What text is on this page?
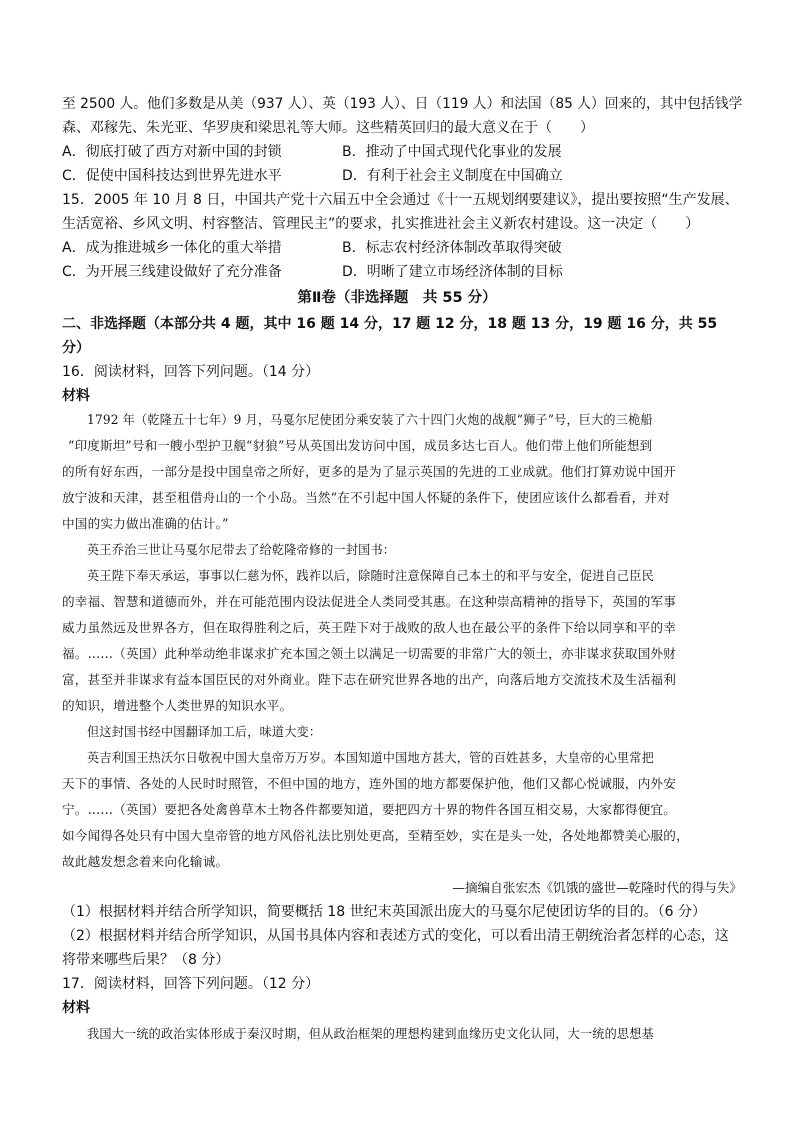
至 2500 人。他们多数是从美（937 人）、英（193 人）、日（119 人）和法国（85 人）回来的，其中包括钱学
森、邓稼先、朱光亚、华罗庚和梁思礼等大师。这些精英回归的最大意义在于（　　）
A．彻底打破了西方对新中国的封锁	B．推动了中国式现代化事业的发展
C．促使中国科技达到世界先进水平	D．有利于社会主义制度在中国确立
15．2005 年 10 月 8 日，中国共产党十六届五中全会通过《十一五规划纲要建议》，提出要按照“生产发展、
生活宽裕、乡风文明、村容整洁、管理民主”的要求，扎实推进社会主义新农村建设。这一决定（　　）
A．成为推进城乡一体化的重大举措	B．标志农村经济体制改革取得突破
C．为开展三线建设做好了充分准备	D．明晰了建立市场经济体制的目标
第Ⅱ卷（非选择题　共 55 分）
二、非选择题（本部分共 4 题，其中 16 题 14 分，17 题 12 分，18 题 13 分，19 题 16 分，共 55
分）
16．阅读材料，回答下列问题。（14 分）
材料
1792 年（乾隆五十七年）9 月，马戛尔尼使团分乘安装了六十四门火炮的战舰“狮子”号，巨大的三桅船
“印度斯坦”号和一艘小型护卫舰“豺狼”号从英国出发访问中国，成员多达七百人。他们带上他们所能想到
的所有好东西，一部分是投中国皇帝之所好，更多的是为了显示英国的先进的工业成就。他们打算劝说中国开
放宁波和天津，甚至租借舟山的一个小岛。当然“在不引起中国人怀疑的条件下，使团应该什么都看看，并对
中国的实力做出准确的估计。”
英王乔治三世让马戛尔尼带去了给乾隆帝修的一封国书：
英王陛下奉天承运，事事以仁慈为怀，践祚以后，除随时注意保障自己本土的和平与安全，促进自己臣民
的幸福、智慧和道德而外，并在可能范围内设法促进全人类同受其惠。在这种崇高精神的指导下，英国的军事
威力虽然远及世界各方，但在取得胜利之后，英王陛下对于战败的敌人也在最公平的条件下给以同享和平的幸
福。……（英国）此种举动绝非谋求扩充本国之领土以满足一切需要的非常广大的领土，亦非谋求获取国外财
富，甚至并非谋求有益本国臣民的对外商业。陛下志在研究世界各地的出产，向落后地方交流技术及生活福利
的知识，增进整个人类世界的知识水平。
但这封国书经中国翻译加工后，味道大变：
英吉利国王热沃尔日敬祝中国大皇帝万万岁。本国知道中国地方甚大，管的百姓甚多，大皇帝的心里常把
天下的事情、各处的人民时时照管，不但中国的地方，连外国的地方都要保护他，他们又都心悦诚服，内外安
宁。……（英国）要把各处禽兽草木土物各件都要知道，要把四方十界的物件各国互相交易，大家都得便宜。
如今闻得各处只有中国大皇帝管的地方风俗礼法比别处更高，至精至妙，实在是头一处，各处地都赞美心服的，
故此越发想念着来向化输诚。
—摘编自张宏杰《饥饿的盛世—乾隆时代的得与失》
（1）根据材料并结合所学知识，简要概括 18 世纪末英国派出庞大的马戛尔尼使团访华的目的。（6 分）
（2）根据材料并结合所学知识，从国书具体内容和表述方式的变化，可以看出清王朝统治者怎样的心态，这
将带来哪些后果？（8 分）
17．阅读材料，回答下列问题。（12 分）
材料
我国大一统的政治实体形成于秦汉时期，但从政治框架的理想构建到血缘历史文化认同，大一统的思想基
